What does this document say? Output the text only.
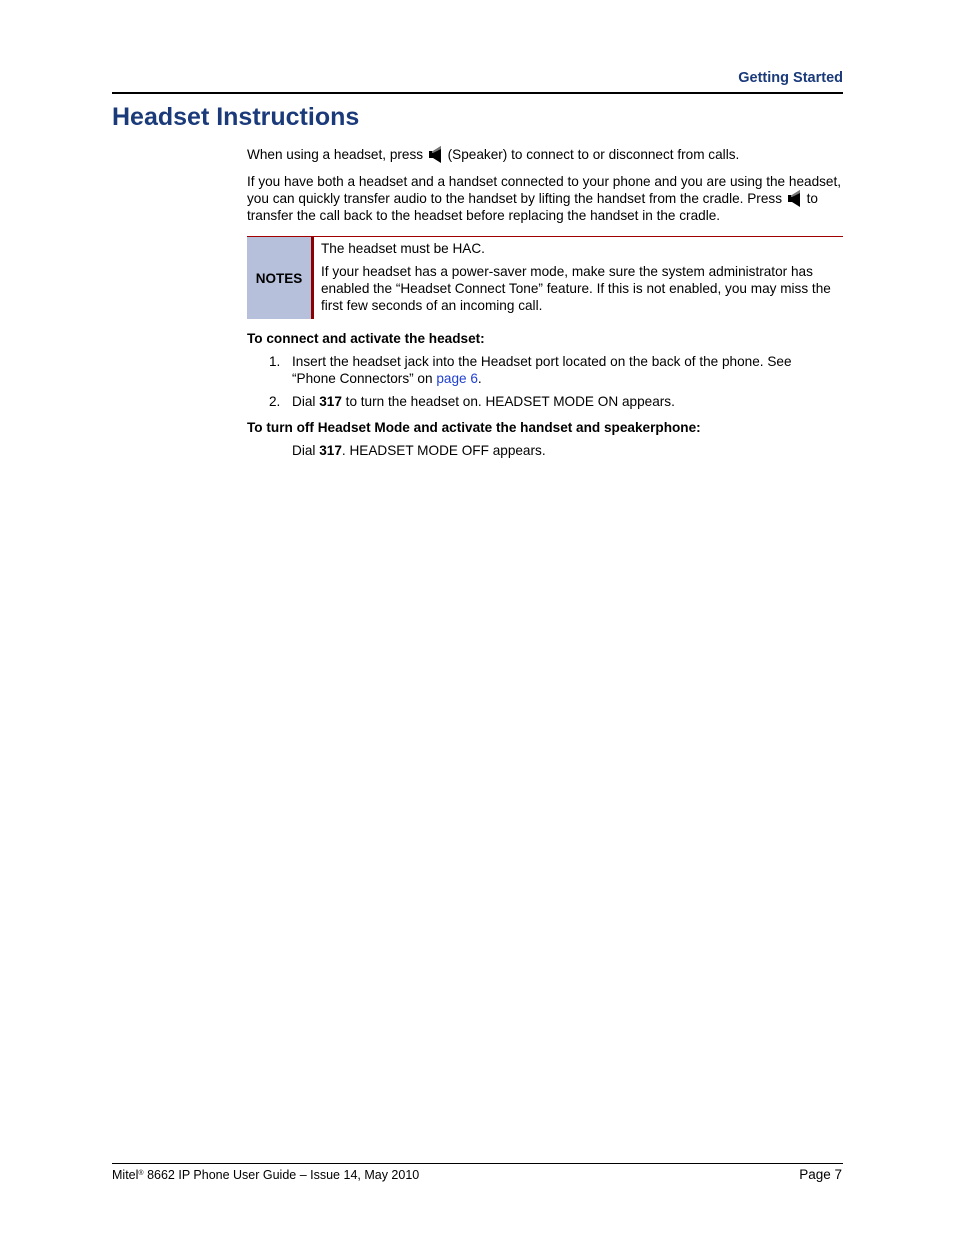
Getting Started
Headset Instructions

When using a headset, press (Speaker) to connect to or disconnect from calls.

If you have both a headset and a handset connected to your phone and you are using the headset, you can quickly transfer audio to the handset by lifting the handset from the cradle. Press to transfer the call back to the headset before replacing the handset in the cradle.

NOTES

The headset must be HAC.

If your headset has a power-saver mode, make sure the system administrator has enabled the “Headset Connect Tone” feature. If this is not enabled, you may miss the first few seconds of an incoming call.

To connect and activate the headset:

1. Insert the headset jack into the Headset port located on the back of the phone. See “Phone Connectors” on page 6.
2. Dial 317 to turn the headset on. HEADSET MODE ON appears.

To turn off Headset Mode and activate the handset and speakerphone:

Dial 317. HEADSET MODE OFF appears.

Mitel® 8662 IP Phone User Guide – Issue 14, May 2010	Page 7
